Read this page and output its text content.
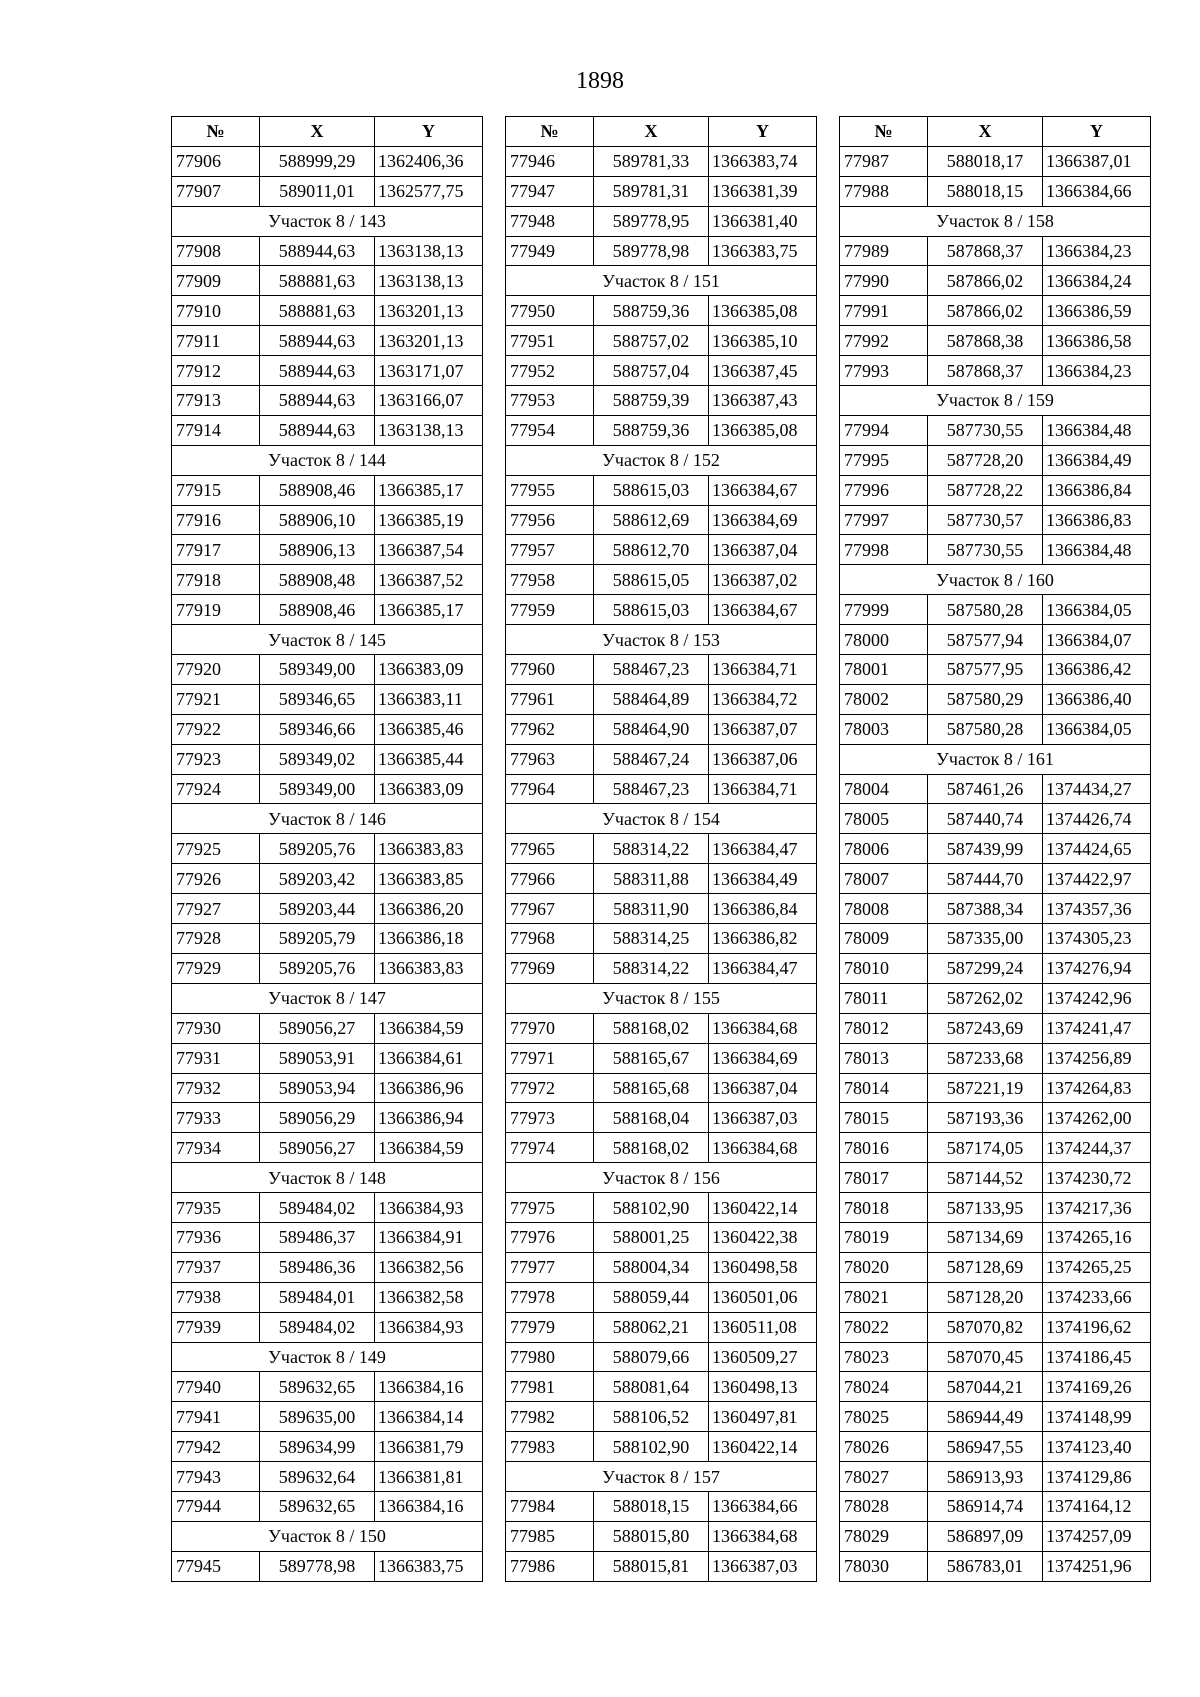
1898
№	X	Y
77906	588999,29	1362406,36
77907	589011,01	1362577,75
Участок 8 / 143		
77908	588944,63	1363138,13
77909	588881,63	1363138,13
77910	588881,63	1363201,13
77911	588944,63	1363201,13
77912	588944,63	1363171,07
77913	588944,63	1363166,07
77914	588944,63	1363138,13
Участок 8 / 144		
77915	588908,46	1366385,17
77916	588906,10	1366385,19
77917	588906,13	1366387,54
77918	588908,48	1366387,52
77919	588908,46	1366385,17
Участок 8 / 145		
77920	589349,00	1366383,09
77921	589346,65	1366383,11
77922	589346,66	1366385,46
77923	589349,02	1366385,44
77924	589349,00	1366383,09
Участок 8 / 146		
77925	589205,76	1366383,83
77926	589203,42	1366383,85
77927	589203,44	1366386,20
77928	589205,79	1366386,18
77929	589205,76	1366383,83
Участок 8 / 147		
77930	589056,27	1366384,59
77931	589053,91	1366384,61
77932	589053,94	1366386,96
77933	589056,29	1366386,94
77934	589056,27	1366384,59
Участок 8 / 148		
77935	589484,02	1366384,93
77936	589486,37	1366384,91
77937	589486,36	1366382,56
77938	589484,01	1366382,58
77939	589484,02	1366384,93
Участок 8 / 149		
77940	589632,65	1366384,16
77941	589635,00	1366384,14
77942	589634,99	1366381,79
77943	589632,64	1366381,81
77944	589632,65	1366384,16
Участок 8 / 150		
77945	589778,98	1366383,75
№	X	Y
77946	589781,33	1366383,74
77947	589781,31	1366381,39
77948	589778,95	1366381,40
77949	589778,98	1366383,75
Участок 8 / 151		
77950	588759,36	1366385,08
77951	588757,02	1366385,10
77952	588757,04	1366387,45
77953	588759,39	1366387,43
77954	588759,36	1366385,08
Участок 8 / 152		
77955	588615,03	1366384,67
77956	588612,69	1366384,69
77957	588612,70	1366387,04
77958	588615,05	1366387,02
77959	588615,03	1366384,67
Участок 8 / 153		
77960	588467,23	1366384,71
77961	588464,89	1366384,72
77962	588464,90	1366387,07
77963	588467,24	1366387,06
77964	588467,23	1366384,71
Участок 8 / 154		
77965	588314,22	1366384,47
77966	588311,88	1366384,49
77967	588311,90	1366386,84
77968	588314,25	1366386,82
77969	588314,22	1366384,47
Участок 8 / 155		
77970	588168,02	1366384,68
77971	588165,67	1366384,69
77972	588165,68	1366387,04
77973	588168,04	1366387,03
77974	588168,02	1366384,68
Участок 8 / 156		
77975	588102,90	1360422,14
77976	588001,25	1360422,38
77977	588004,34	1360498,58
77978	588059,44	1360501,06
77979	588062,21	1360511,08
77980	588079,66	1360509,27
77981	588081,64	1360498,13
77982	588106,52	1360497,81
77983	588102,90	1360422,14
Участок 8 / 157		
77984	588018,15	1366384,66
77985	588015,80	1366384,68
77986	588015,81	1366387,03
№	X	Y
77987	588018,17	1366387,01
77988	588018,15	1366384,66
Участок 8 / 158		
77989	587868,37	1366384,23
77990	587866,02	1366384,24
77991	587866,02	1366386,59
77992	587868,38	1366386,58
77993	587868,37	1366384,23
Участок 8 / 159		
77994	587730,55	1366384,48
77995	587728,20	1366384,49
77996	587728,22	1366386,84
77997	587730,57	1366386,83
77998	587730,55	1366384,48
Участок 8 / 160		
77999	587580,28	1366384,05
78000	587577,94	1366384,07
78001	587577,95	1366386,42
78002	587580,29	1366386,40
78003	587580,28	1366384,05
Участок 8 / 161		
78004	587461,26	1374434,27
78005	587440,74	1374426,74
78006	587439,99	1374424,65
78007	587444,70	1374422,97
78008	587388,34	1374357,36
78009	587335,00	1374305,23
78010	587299,24	1374276,94
78011	587262,02	1374242,96
78012	587243,69	1374241,47
78013	587233,68	1374256,89
78014	587221,19	1374264,83
78015	587193,36	1374262,00
78016	587174,05	1374244,37
78017	587144,52	1374230,72
78018	587133,95	1374217,36
78019	587134,69	1374265,16
78020	587128,69	1374265,25
78021	587128,20	1374233,66
78022	587070,82	1374196,62
78023	587070,45	1374186,45
78024	587044,21	1374169,26
78025	586944,49	1374148,99
78026	586947,55	1374123,40
78027	586913,93	1374129,86
78028	586914,74	1374164,12
78029	586897,09	1374257,09
78030	586783,01	1374251,96
